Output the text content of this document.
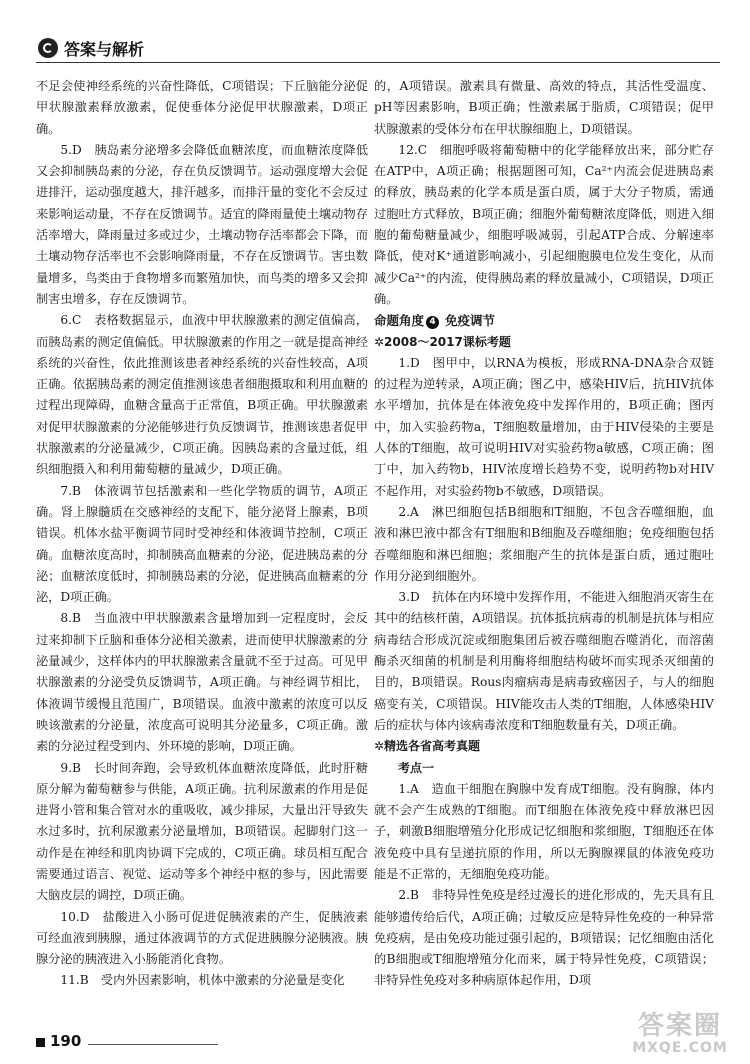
答案与解析

不足会使神经系统的兴奋性降低，C项错误；下丘脑能分泌促甲状腺激素释放激素，促使垂体分泌促甲状腺激素，D项正确。

5.D　胰岛素分泌增多会降低血糖浓度，而血糖浓度降低又会抑制胰岛素的分泌，存在负反馈调节。运动强度增大会促进排汗，运动强度越大，排汗越多，而排汗量的变化不会反过来影响运动量，不存在反馈调节。适宜的降雨量使土壤动物存活率增大，降雨量过多或过少，土壤动物存活率都会下降，而土壤动物存活率也不会影响降雨量，不存在反馈调节。害虫数量增多，鸟类由于食物增多而繁殖加快，而鸟类的增多又会抑制害虫增多，存在反馈调节。

6.C　表格数据显示，血液中甲状腺激素的测定值偏高，而胰岛素的测定值偏低。甲状腺激素的作用之一就是提高神经系统的兴奋性，依此推测该患者神经系统的兴奋性较高，A项正确。依据胰岛素的测定值推测该患者细胞摄取和利用血糖的过程出现障碍，血糖含量高于正常值，B项正确。甲状腺激素对促甲状腺激素的分泌能够进行负反馈调节，推测该患者促甲状腺激素的分泌量减少，C项正确。因胰岛素的含量过低，组织细胞摄入和利用葡萄糖的量减少，D项正确。

7.B　体液调节包括激素和一些化学物质的调节，A项正确。肾上腺髓质在交感神经的支配下，能分泌肾上腺素，B项错误。机体水盐平衡调节同时受神经和体液调节控制，C项正确。血糖浓度高时，抑制胰高血糖素的分泌，促进胰岛素的分泌；血糖浓度低时，抑制胰岛素的分泌，促进胰高血糖素的分泌，D项正确。

8.B　当血液中甲状腺激素含量增加到一定程度时，会反过来抑制下丘脑和垂体分泌相关激素，进而使甲状腺激素的分泌量减少，这样体内的甲状腺激素含量就不至于过高。可见甲状腺激素的分泌受负反馈调节，A项正确。与神经调节相比，体液调节缓慢且范围广，B项错误。血液中激素的浓度可以反映该激素的分泌量，浓度高可说明其分泌量多，C项正确。激素的分泌过程受到内、外环境的影响，D项正确。

9.B　长时间奔跑，会导致机体血糖浓度降低，此时肝糖原分解为葡萄糖参与供能，A项正确。抗利尿激素的作用是促进肾小管和集合管对水的重吸收，减少排尿，大量出汗导致失水过多时，抗利尿激素分泌量增加，B项错误。起脚射门这一动作是在神经和肌肉协调下完成的，C项正确。球员相互配合需要通过语言、视觉、运动等多个神经中枢的参与，因此需要大脑皮层的调控，D项正确。

10.D　盐酸进入小肠可促进促胰液素的产生，促胰液素可经血液到胰腺，通过体液调节的方式促进胰腺分泌胰液。胰腺分泌的胰液进入小肠能消化食物。

11.B　受内外因素影响，机体中激素的分泌量是变化

的，A项错误。激素具有微量、高效的特点，其活性受温度、pH等因素影响，B项正确；性激素属于脂质，C项错误；促甲状腺激素的受体分布在甲状腺细胞上，D项错误。

12.C　细胞呼吸将葡萄糖中的化学能释放出来，部分贮存在ATP中，A项正确；根据题图可知，Ca²⁺内流会促进胰岛素的释放，胰岛素的化学本质是蛋白质，属于大分子物质，需通过胞吐方式释放，B项正确；细胞外葡萄糖浓度降低，则进入细胞的葡萄糖量减少，细胞呼吸减弱，引起ATP合成、分解速率降低，使对K⁺通道影响减小，引起细胞膜电位发生变化，从而减少Ca²⁺的内流，使得胰岛素的释放量减小，C项错误，D项正确。

命题角度 4 免疫调节

✲2008～2017课标考题

1.D　图甲中，以RNA为模板，形成RNA-DNA杂合双链的过程为逆转录，A项正确；图乙中，感染HIV后，抗HIV抗体水平增加，抗体是在体液免疫中发挥作用的，B项正确；图丙中，加入实验药物a，T细胞数量增加，由于HIV侵染的主要是人体的T细胞，故可说明HIV对实验药物a敏感，C项正确；图丁中，加入药物b，HIV浓度增长趋势不变，说明药物b对HIV不起作用，对实验药物b不敏感，D项错误。

2.A　淋巴细胞包括B细胞和T细胞，不包含吞噬细胞，血液和淋巴液中都含有T细胞和B细胞及吞噬细胞；免疫细胞包括吞噬细胞和淋巴细胞；浆细胞产生的抗体是蛋白质，通过胞吐作用分泌到细胞外。

3.D　抗体在内环境中发挥作用，不能进入细胞消灭寄生在其中的结核杆菌，A项错误。抗体抵抗病毒的机制是抗体与相应病毒结合形成沉淀或细胞集团后被吞噬细胞吞噬消化，而溶菌酶杀灭细菌的机制是利用酶将细胞结构破坏而实现杀灭细菌的目的，B项错误。Rous肉瘤病毒是病毒致癌因子，与人的细胞癌变有关，C项错误。HIV能攻击人类的T细胞，人体感染HIV后的症状与体内该病毒浓度和T细胞数量有关，D项正确。

✲精选各省高考真题

考点一

1.A　造血干细胞在胸腺中发育成T细胞。没有胸腺，体内就不会产生成熟的T细胞。而T细胞在体液免疫中释放淋巴因子，刺激B细胞增殖分化形成记忆细胞和浆细胞，T细胞还在体液免疫中具有呈递抗原的作用，所以无胸腺裸鼠的体液免疫功能是不正常的，无细胞免疫功能。

2.B　非特异性免疫是经过漫长的进化形成的，先天具有且能够遗传给后代，A项正确；过敏反应是特异性免疫的一种异常免疫病，是由免疫功能过强引起的，B项错误；记忆细胞由活化的B细胞或T细胞增殖分化而来，属于特异性免疫，C项错误；非特异性免疫对多种病原体起作用，D项

190	答案圈
MXQE.COM
